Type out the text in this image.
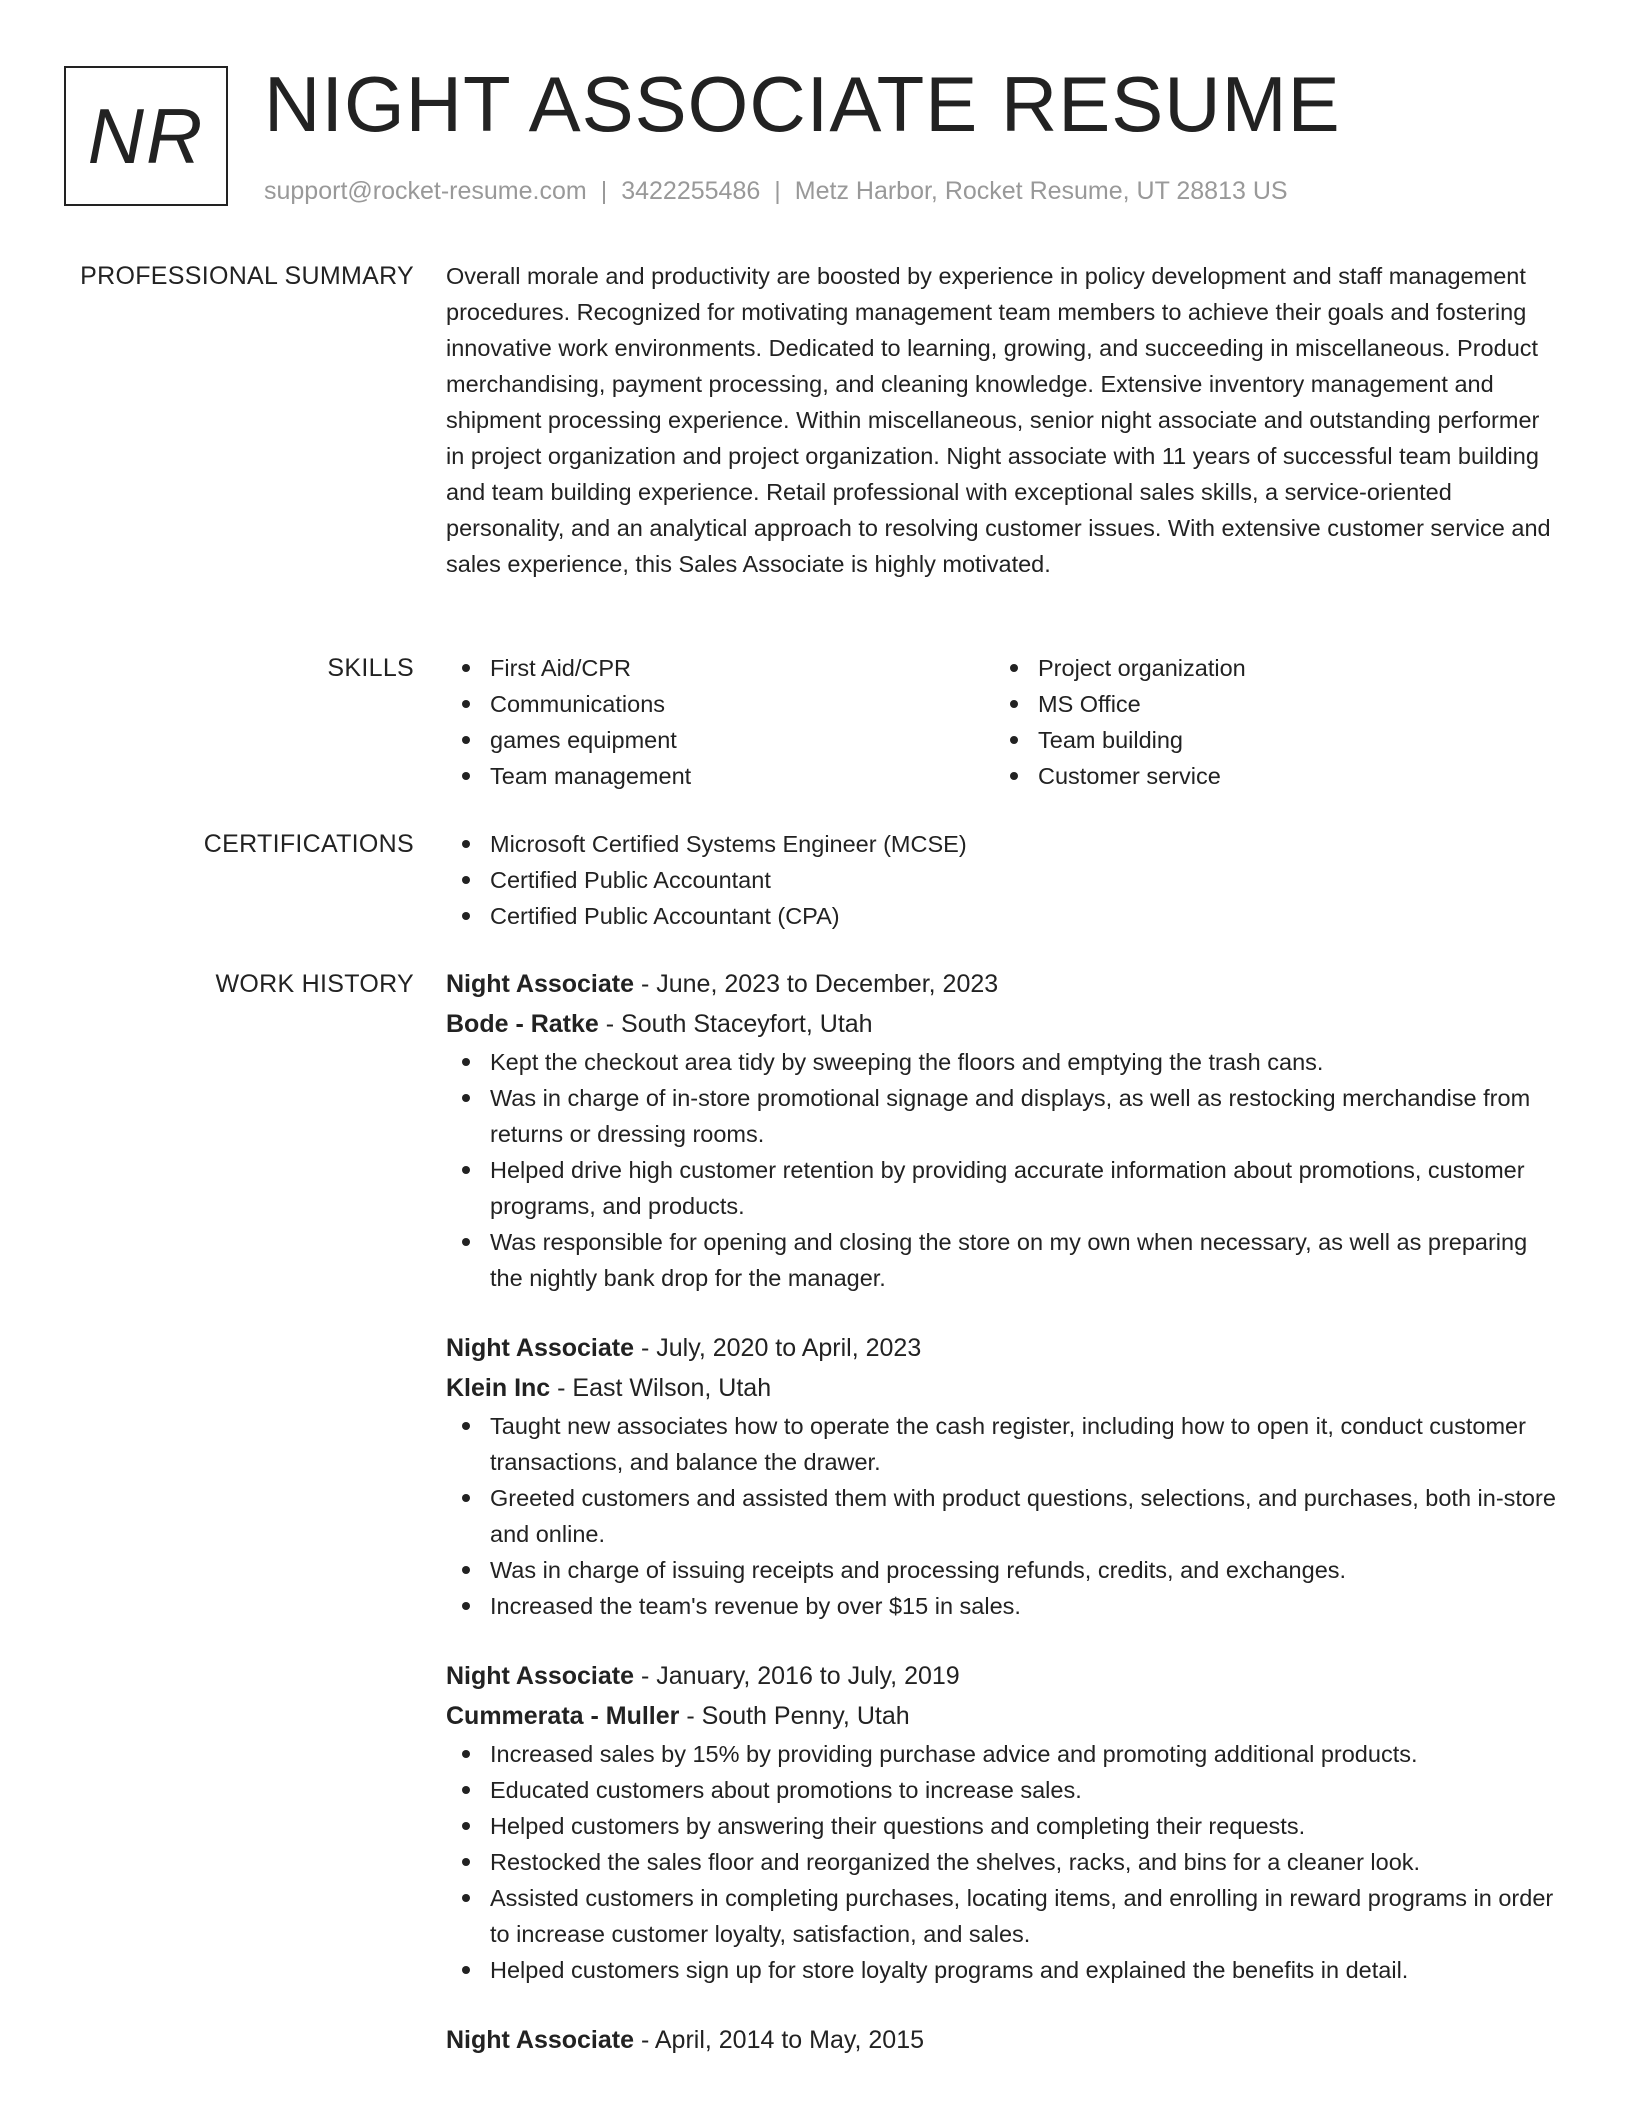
NR NIGHT ASSOCIATE RESUME
support@rocket-resume.com | 3422255486 | Metz Harbor, Rocket Resume, UT 28813 US
PROFESSIONAL SUMMARY Overall morale and productivity are boosted by experience in policy development and staff management procedures. Recognized for motivating management team members to achieve their goals and fostering innovative work environments. Dedicated to learning, growing, and succeeding in miscellaneous. Product merchandising, payment processing, and cleaning knowledge. Extensive inventory management and shipment processing experience. Within miscellaneous, senior night associate and outstanding performer in project organization and project organization. Night associate with 11 years of successful team building and team building experience. Retail professional with exceptional sales skills, a service-oriented personality, and an analytical approach to resolving customer issues. With extensive customer service and sales experience, this Sales Associate is highly motivated.

SKILLS	First Aid/CPR
Communications
games equipment
Team management
Project organization
MS Office
Team building
Customer service
CERTIFICATIONS	Microsoft Certified Systems Engineer (MCSE)
Certified Public Accountant
Certified Public Accountant (CPA)
WORK HISTORY Night Associate - June, 2023 to December, 2023
Bode - Ratke - South Staceyfort, Utah
Kept the checkout area tidy by sweeping the floors and emptying the trash cans.
Was in charge of in-store promotional signage and displays, as well as restocking merchandise from returns or dressing rooms.
Helped drive high customer retention by providing accurate information about promotions, customer programs, and products.
Was responsible for opening and closing the store on my own when necessary, as well as preparing the nightly bank drop for the manager.
Night Associate - July, 2020 to April, 2023
Klein Inc - East Wilson, Utah
Taught new associates how to operate the cash register, including how to open it, conduct customer transactions, and balance the drawer.
Greeted customers and assisted them with product questions, selections, and purchases, both in-store and online.
Was in charge of issuing receipts and processing refunds, credits, and exchanges.
Increased the team's revenue by over $15 in sales.
Night Associate - January, 2016 to July, 2019
Cummerata - Muller - South Penny, Utah
Increased sales by 15% by providing purchase advice and promoting additional products.
Educated customers about promotions to increase sales.
Helped customers by answering their questions and completing their requests.
Restocked the sales floor and reorganized the shelves, racks, and bins for a cleaner look.
Assisted customers in completing purchases, locating items, and enrolling in reward programs in order to increase customer loyalty, satisfaction, and sales.
Helped customers sign up for store loyalty programs and explained the benefits in detail.
Night Associate - April, 2014 to May, 2015
